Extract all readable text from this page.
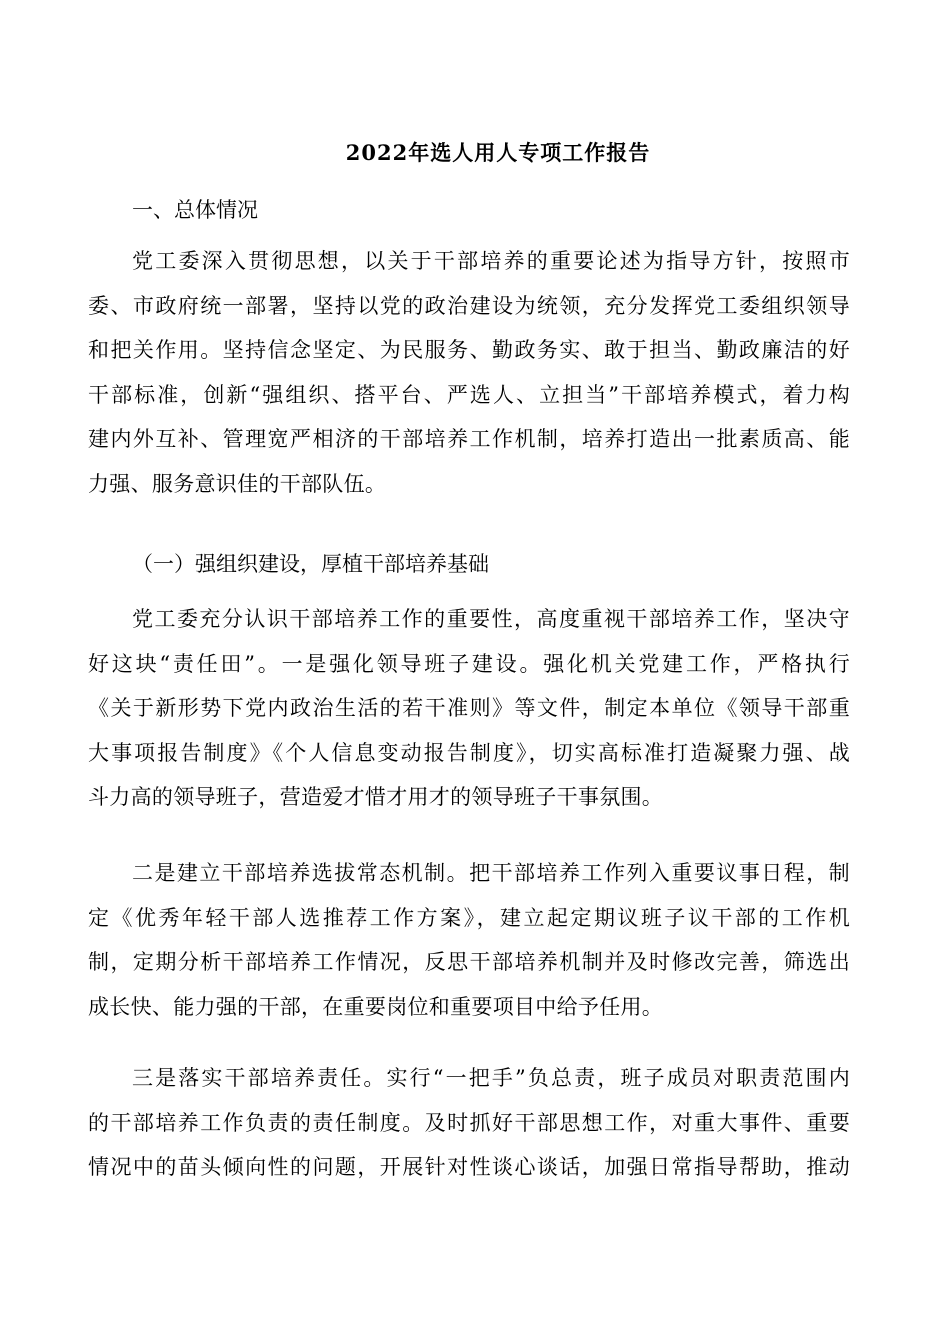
2022年选人用人专项工作报告

一、总体情况

党工委深入贯彻思想，以关于干部培养的重要论述为指导方针，按照市
委、市政府统一部署，坚持以党的政治建设为统领，充分发挥党工委组织领导
和把关作用。坚持信念坚定、为民服务、勤政务实、敢于担当、勤政廉洁的好
干部标准，创新“强组织、搭平台、严选人、立担当”干部培养模式，着力构
建内外互补、管理宽严相济的干部培养工作机制，培养打造出一批素质高、能
力强、服务意识佳的干部队伍。

（一）强组织建设，厚植干部培养基础

党工委充分认识干部培养工作的重要性，高度重视干部培养工作，坚决守
好这块“责任田”。一是强化领导班子建设。强化机关党建工作，严格执行
《关于新形势下党内政治生活的若干准则》等文件，制定本单位《领导干部重
大事项报告制度》《个人信息变动报告制度》，切实高标准打造凝聚力强、战
斗力高的领导班子，营造爱才惜才用才的领导班子干事氛围。
二是建立干部培养选拔常态机制。把干部培养工作列入重要议事日程，制
定《优秀年轻干部人选推荐工作方案》，建立起定期议班子议干部的工作机
制，定期分析干部培养工作情况，反思干部培养机制并及时修改完善，筛选出
成长快、能力强的干部，在重要岗位和重要项目中给予任用。
三是落实干部培养责任。实行“一把手”负总责，班子成员对职责范围内
的干部培养工作负责的责任制度。及时抓好干部思想工作，对重大事件、重要
情况中的苗头倾向性的问题，开展针对性谈心谈话，加强日常指导帮助，推动
